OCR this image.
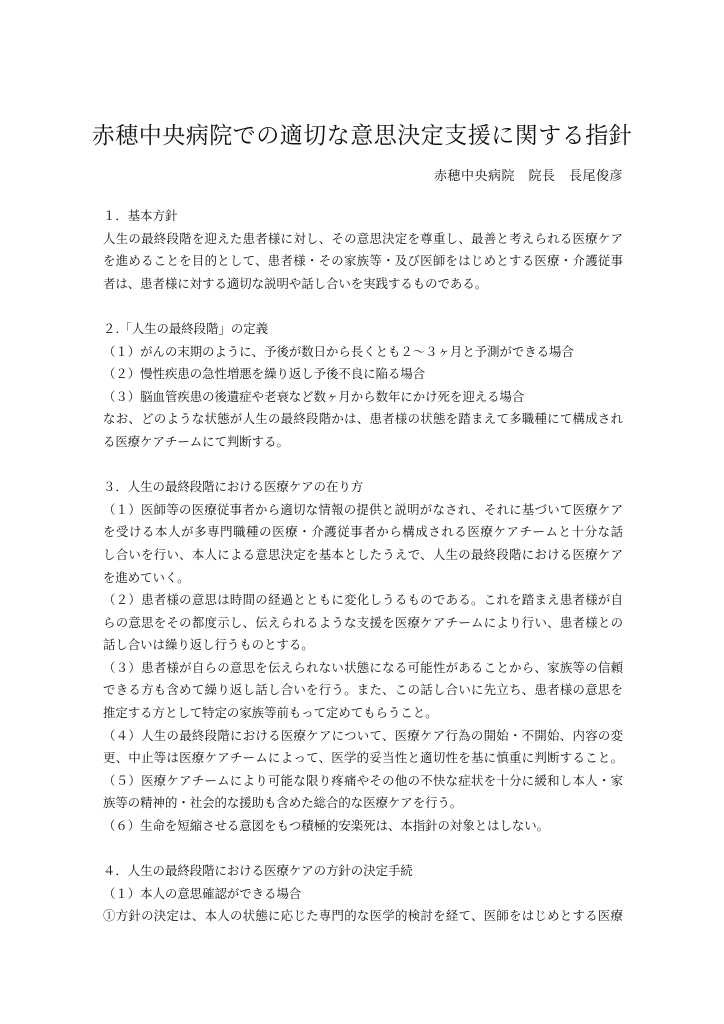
赤穂中央病院での適切な意思決定支援に関する指針
赤穂中央病院　院長　長尾俊彦
１．基本方針
人生の最終段階を迎えた患者様に対し、その意思決定を尊重し、最善と考えられる医療ケア
を進めることを目的として、患者様・その家族等・及び医師をはじめとする医療・介護従事
者は、患者様に対する適切な説明や話し合いを実践するものである。
２.「人生の最終段階」の定義
（１）がんの末期のように、予後が数日から長くとも２～３ヶ月と予測ができる場合
（２）慢性疾患の急性増悪を繰り返し予後不良に陥る場合
（３）脳血管疾患の後遺症や老衰など数ヶ月から数年にかけ死を迎える場合
なお、どのような状態が人生の最終段階かは、患者様の状態を踏まえて多職種にて構成され
る医療ケアチームにて判断する。
３．人生の最終段階における医療ケアの在り方
（１）医師等の医療従事者から適切な情報の提供と説明がなされ、それに基づいて医療ケア
を受ける本人が多専門職種の医療・介護従事者から構成される医療ケアチームと十分な話
し合いを行い、本人による意思決定を基本としたうえで、人生の最終段階における医療ケア
を進めていく。
（２）患者様の意思は時間の経過とともに変化しうるものである。これを踏まえ患者様が自
らの意思をその都度示し、伝えられるような支援を医療ケアチームにより行い、患者様との
話し合いは繰り返し行うものとする。
（３）患者様が自らの意思を伝えられない状態になる可能性があることから、家族等の信頼
できる方も含めて繰り返し話し合いを行う。また、この話し合いに先立ち、患者様の意思を
推定する方として特定の家族等前もって定めてもらうこと。
（４）人生の最終段階における医療ケアについて、医療ケア行為の開始・不開始、内容の変
更、中止等は医療ケアチームによって、医学的妥当性と適切性を基に慎重に判断すること。
（５）医療ケアチームにより可能な限り疼痛やその他の不快な症状を十分に緩和し本人・家
族等の精神的・社会的な援助も含めた総合的な医療ケアを行う。
（６）生命を短縮させる意図をもつ積極的安楽死は、本指針の対象とはしない。
４．人生の最終段階における医療ケアの方針の決定手続
（１）本人の意思確認ができる場合
①方針の決定は、本人の状態に応じた専門的な医学的検討を経て、医師をはじめとする医療
